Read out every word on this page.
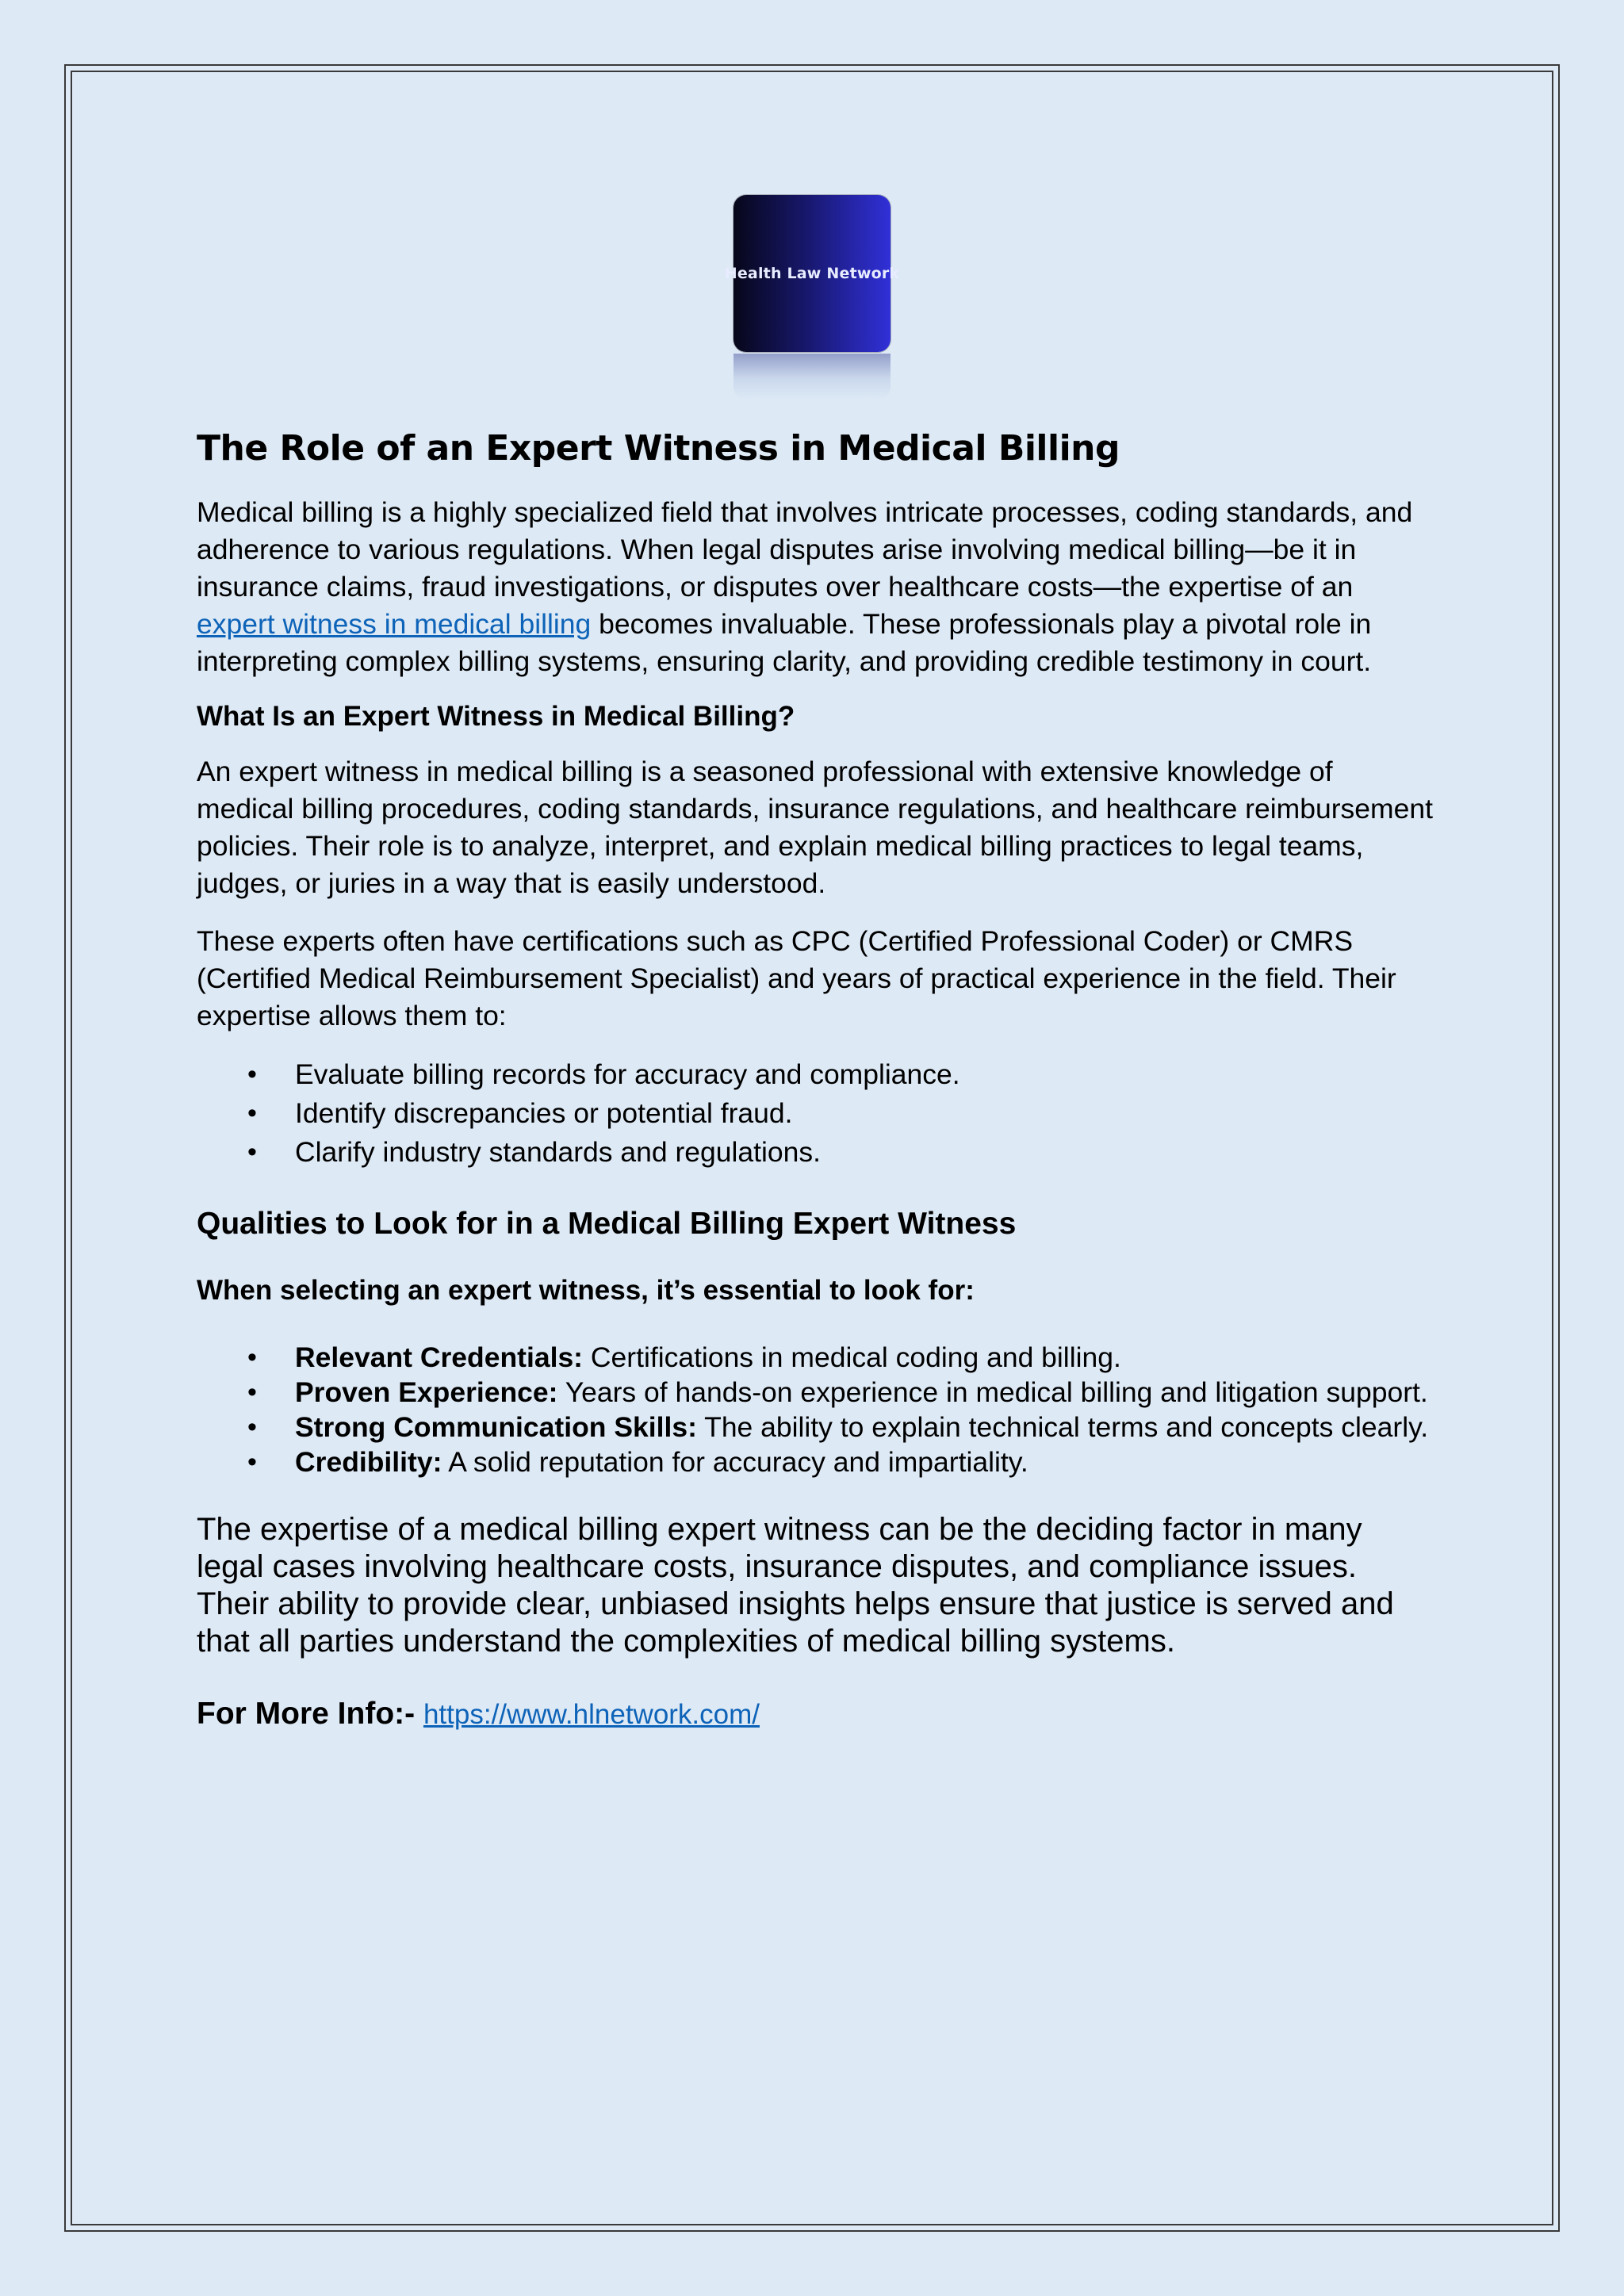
Health Law Network
The Role of an Expert Witness in Medical Billing

Medical billing is a highly specialized field that involves intricate processes, coding standards, and adherence to various regulations. When legal disputes arise involving medical billing—be it in insurance claims, fraud investigations, or disputes over healthcare costs—the expertise of an expert witness in medical billing becomes invaluable. These professionals play a pivotal role in interpreting complex billing systems, ensuring clarity, and providing credible testimony in court.

What Is an Expert Witness in Medical Billing?

An expert witness in medical billing is a seasoned professional with extensive knowledge of medical billing procedures, coding standards, insurance regulations, and healthcare reimbursement policies. Their role is to analyze, interpret, and explain medical billing practices to legal teams, judges, or juries in a way that is easily understood.

These experts often have certifications such as CPC (Certified Professional Coder) or CMRS (Certified Medical Reimbursement Specialist) and years of practical experience in the field. Their expertise allows them to:

• Evaluate billing records for accuracy and compliance.
• Identify discrepancies or potential fraud.
• Clarify industry standards and regulations.
Qualities to Look for in a Medical Billing Expert Witness
When selecting an expert witness, it’s essential to look for:
• Relevant Credentials: Certifications in medical coding and billing.
• Proven Experience: Years of hands-on experience in medical billing and litigation support.
• Strong Communication Skills: The ability to explain technical terms and concepts clearly.
• Credibility: A solid reputation for accuracy and impartiality.

The expertise of a medical billing expert witness can be the deciding factor in many legal cases involving healthcare costs, insurance disputes, and compliance issues. Their ability to provide clear, unbiased insights helps ensure that justice is served and that all parties understand the complexities of medical billing systems.

For More Info:- https://www.hlnetwork.com/
